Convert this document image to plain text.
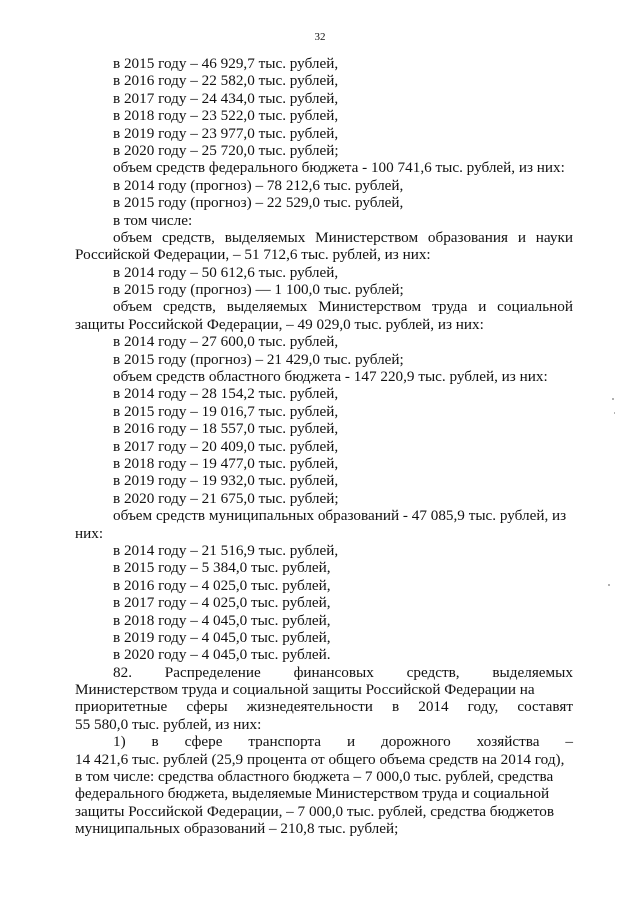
32
в 2015 году – 46 929,7 тыс. рублей,
в 2016 году – 22 582,0 тыс. рублей,
в 2017 году – 24 434,0 тыс. рублей,
в 2018 году – 23 522,0 тыс. рублей,
в 2019 году – 23 977,0 тыс. рублей,
в 2020 году – 25 720,0 тыс. рублей;
объем средств федерального бюджета - 100 741,6 тыс. рублей, из них:
в 2014 году (прогноз) – 78 212,6 тыс. рублей,
в 2015 году (прогноз) – 22 529,0 тыс. рублей,
в том числе:
объем средств, выделяемых Министерством образования и науки
Российской Федерации, – 51 712,6 тыс. рублей, из них:
в 2014 году – 50 612,6 тыс. рублей,
в 2015 году (прогноз) — 1 100,0 тыс. рублей;
объем средств, выделяемых Министерством труда и социальной
защиты Российской Федерации, – 49 029,0 тыс. рублей, из них:
в 2014 году – 27 600,0 тыс. рублей,
в 2015 году (прогноз) – 21 429,0 тыс. рублей;
объем средств областного бюджета - 147 220,9 тыс. рублей, из них:
в 2014 году – 28 154,2 тыс. рублей,
в 2015 году – 19 016,7 тыс. рублей,
в 2016 году – 18 557,0 тыс. рублей,
в 2017 году – 20 409,0 тыс. рублей,
в 2018 году – 19 477,0 тыс. рублей,
в 2019 году – 19 932,0 тыс. рублей,
в 2020 году – 21 675,0 тыс. рублей;
объем средств муниципальных образований - 47 085,9 тыс. рублей, из
них:
в 2014 году – 21 516,9 тыс. рублей,
в 2015 году – 5 384,0 тыс. рублей,
в 2016 году – 4 025,0 тыс. рублей,
в 2017 году – 4 025,0 тыс. рублей,
в 2018 году – 4 045,0 тыс. рублей,
в 2019 году – 4 045,0 тыс. рублей,
в 2020 году – 4 045,0 тыс. рублей.
82. Распределение финансовых средств, выделяемых
Министерством труда и социальной защиты Российской Федерации на
приоритетные сферы жизнедеятельности в 2014 году, составят
55 580,0 тыс. рублей, из них:
1) в сфере транспорта и дорожного хозяйства –
14 421,6 тыс. рублей (25,9 процента от общего объема средств на 2014 год),
в том числе: средства областного бюджета – 7 000,0 тыс. рублей, средства
федерального бюджета, выделяемые Министерством труда и социальной
защиты Российской Федерации, – 7 000,0 тыс. рублей, средства бюджетов
муниципальных образований – 210,8 тыс. рублей;
